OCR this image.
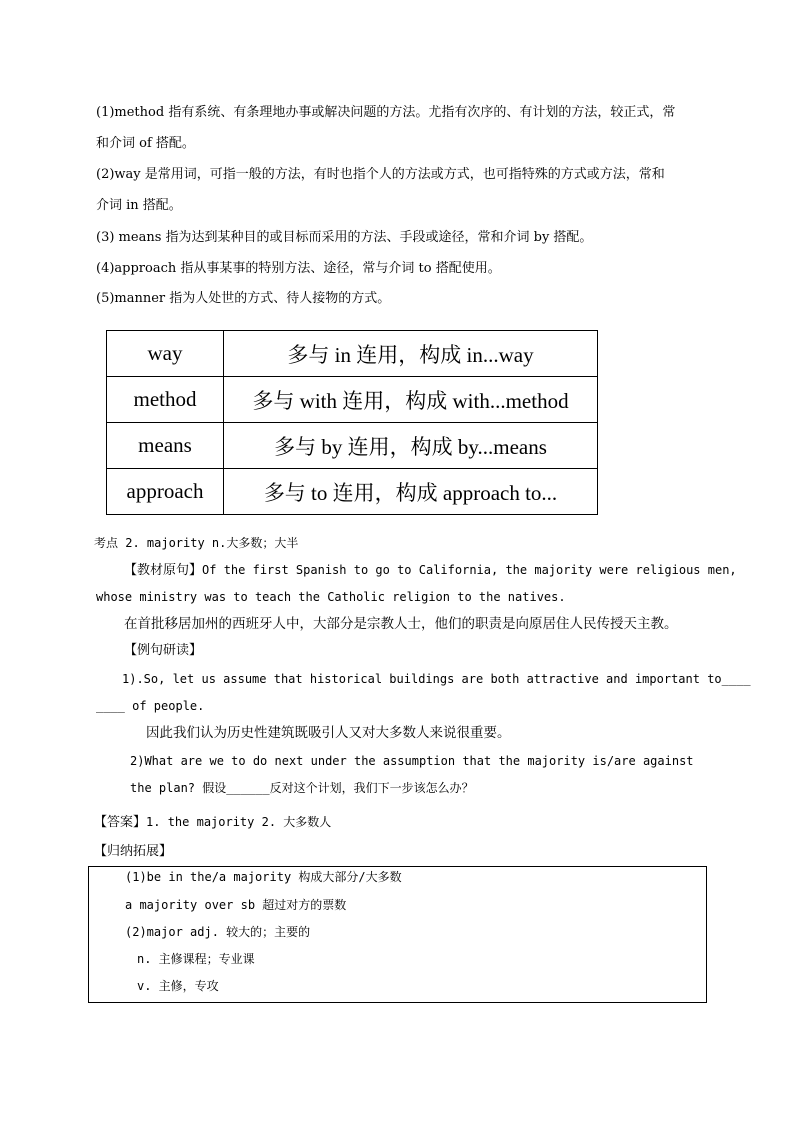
(1)method 指有系统、有条理地办事或解决问题的方法。尤指有次序的、有计划的方法，较正式，常
和介词 of 搭配。
(2)way 是常用词，可指一般的方法，有时也指个人的方法或方式，也可指特殊的方式或方法，常和
介词 in 搭配。
(3) means 指为达到某种目的或目标而采用的方法、手段或途径，常和介词 by 搭配。
(4)approach 指从事某事的特别方法、途径，常与介词 to 搭配使用。
(5)manner 指为人处世的方式、待人接物的方式。
way	多与 in 连用，构成 in...way
method	多与 with 连用，构成 with...method
means	多与 by 连用，构成 by...means
approach	多与 to 连用，构成 approach to...
考点 2. majority n.大多数；大半
【教材原句】Of the first Spanish to go to California, the majority were religious men,
whose ministry was to teach the Catholic religion to the natives.
在首批移居加州的西班牙人中，大部分是宗教人士，他们的职责是向原居住人民传授天主教。
【例句研读】
1).So, let us assume that historical buildings are both attractive and important to____
____ of people.
因此我们认为历史性建筑既吸引人又对大多数人来说很重要。
2)What are we to do next under the assumption that the majority is/are against
the plan? 假设______反对这个计划，我们下一步该怎么办？
【答案】1. the majority 2. 大多数人
【归纳拓展】
(1)be in the/a majority 构成大部分/大多数
a majority over sb 超过对方的票数
(2)major adj. 较大的；主要的
n. 主修课程；专业课
v. 主修，专攻
